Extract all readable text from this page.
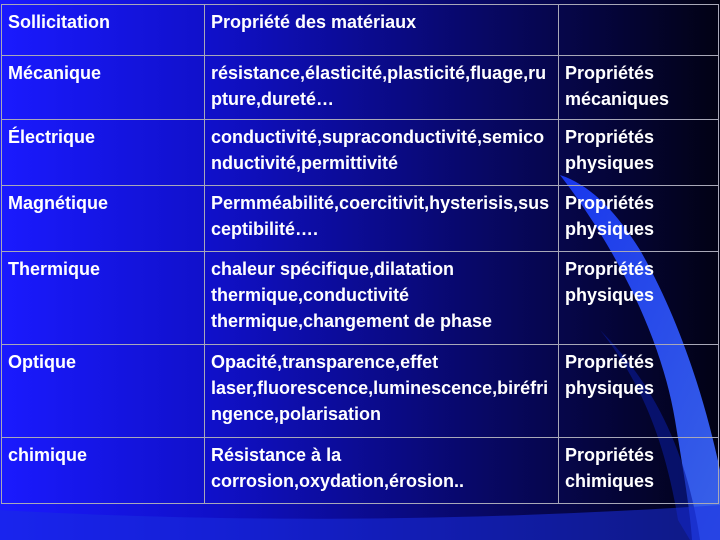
Sollicitation	Propriété des matériaux	
Mécanique	résistance,élasticité,plasticité,fluage,rupture,dureté…	Propriétés mécaniques
Électrique	conductivité,supraconductivité,semiconductivité,permittivité	Propriétés physiques
Magnétique	Permméabilité,coercitivit,hysterisis,susceptibilité….	Propriétés physiques
Thermique	chaleur spécifique,dilatation thermique,conductivité thermique,changement de phase	Propriétés physiques
Optique	Opacité,transparence,effet laser,fluorescence,luminescence,biréfringence,polarisation	Propriétés physiques
chimique	Résistance à la corrosion,oxydation,érosion..	Propriétés chimiques
